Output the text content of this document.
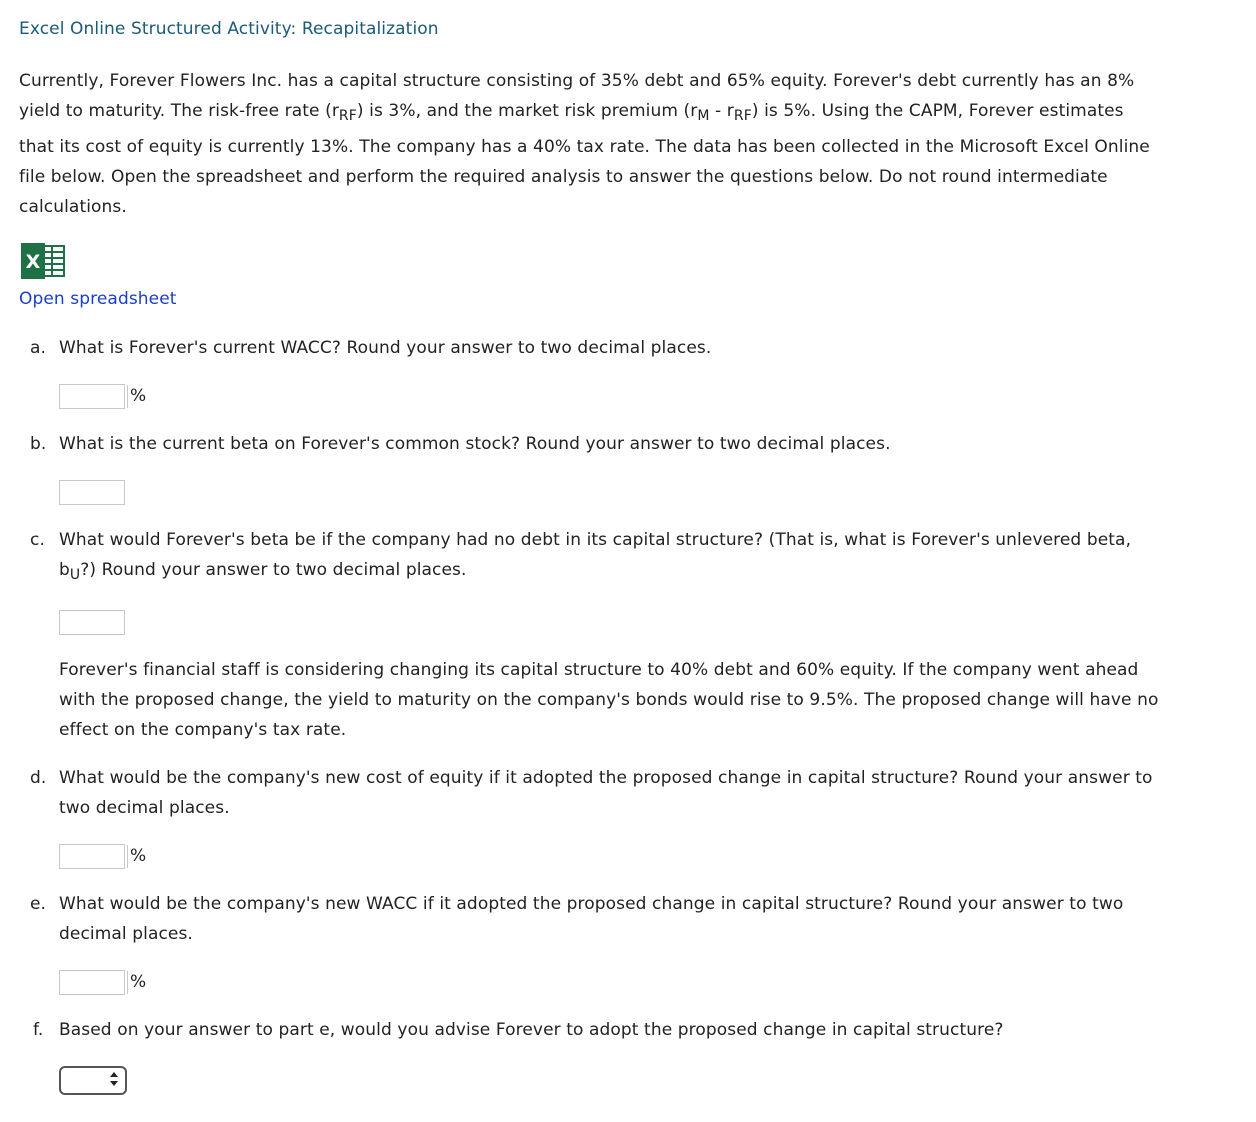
Excel Online Structured Activity: Recapitalization
Currently, Forever Flowers Inc. has a capital structure consisting of 35% debt and 65% equity. Forever's debt currently has an 8%
yield to maturity. The risk-free rate $(r_{RF})$ is 3%, and the market risk premium $(r_M - r_{RF})$ is 5%. Using the CAPM, Forever estimates
that its cost of equity is currently 13%. The company has a 40% tax rate. The data has been collected in the Microsoft Excel Online
file below. Open the spreadsheet and perform the required analysis to answer the questions below. Do not round intermediate
calculations.
X
Open spreadsheet
a. What is Forever's current WACC? Round your answer to two decimal places.
%
b. What is the current beta on Forever's common stock? Round your answer to two decimal places.
c. What would Forever's beta be if the company had no debt in its capital structure? (That is, what is Forever's unlevered beta,
$b_U$?) Round your answer to two decimal places.
Forever's financial staff is considering changing its capital structure to 40% debt and 60% equity. If the company went ahead
with the proposed change, the yield to maturity on the company's bonds would rise to 9.5%. The proposed change will have no
effect on the company's tax rate.
d. What would be the company's new cost of equity if it adopted the proposed change in capital structure? Round your answer to
two decimal places.
%
e. What would be the company's new WACC if it adopted the proposed change in capital structure? Round your answer to two
decimal places.
%
f. Based on your answer to part e, would you advise Forever to adopt the proposed change in capital structure?
